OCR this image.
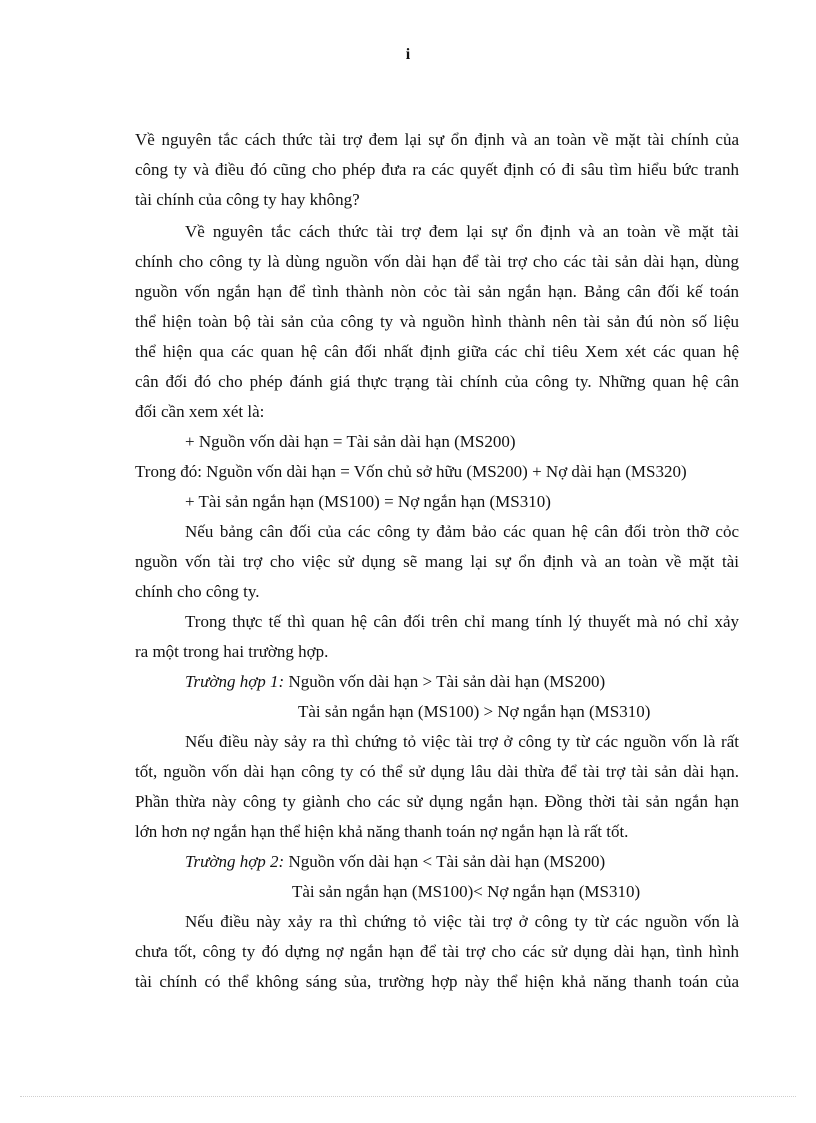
i
Về nguyên tắc cách thức tài trợ đem lại sự ổn định và an toàn về mặt tài chính của
công ty và điều đó cũng cho phép đưa ra các quyết định có đi sâu tìm hiểu bức tranh
tài chính của công ty hay không?
Về nguyên tắc cách thức tài trợ đem lại sự ổn định và an toàn về mặt tài
chính cho công ty là dùng nguồn vốn dài hạn để tài trợ cho các tài sản dài hạn, dùng
nguồn vốn ngắn hạn để tình thành nòn cỏc tài sản ngắn hạn. Bảng cân đối kế toán
thể hiện toàn bộ tài sản của công ty và nguồn hình thành nên tài sản đú nòn số liệu
thể hiện qua các quan hệ cân đối nhất định giữa các chỉ tiêu Xem xét các quan hệ
cân đối đó cho phép đánh giá thực trạng tài chính của công ty. Những quan hệ cân
đối cần xem xét là:
+ Nguồn vốn dài hạn = Tài sản dài hạn (MS200)
Trong đó: Nguồn vốn dài hạn = Vốn chủ sở hữu (MS200) + Nợ dài hạn (MS320)
+ Tài sản ngắn hạn (MS100) = Nợ ngắn hạn (MS310)
Nếu bảng cân đối của các công ty đảm bảo các quan hệ cân đối tròn thỡ cỏc
nguồn vốn tài trợ cho việc sử dụng sẽ mang lại sự ổn định và an toàn về mặt tài
chính cho công ty.
Trong thực tế thì quan hệ cân đối trên chỉ mang tính lý thuyết mà nó chỉ xảy
ra một trong hai trường hợp.
Trường hợp 1: Nguồn vốn dài hạn > Tài sản dài hạn (MS200)
Tài sản ngắn hạn (MS100) > Nợ ngắn hạn (MS310)
Nếu điều này sảy ra thì chứng tỏ việc tài trợ ở công ty từ các nguồn vốn là rất
tốt, nguồn vốn dài hạn công ty có thể sử dụng lâu dài thừa để tài trợ tài sản dài hạn.
Phần thừa này công ty giành cho các sử dụng ngắn hạn. Đồng thời tài sản ngắn hạn
lớn hơn nợ ngắn hạn thể hiện khả năng thanh toán nợ ngắn hạn là rất tốt.
Trường hợp 2: Nguồn vốn dài hạn < Tài sản dài hạn (MS200)
Tài sản ngắn hạn (MS100)< Nợ ngắn hạn (MS310)
Nếu điều này xảy ra thì chứng tỏ việc tài trợ ở công ty từ các nguồn vốn là
chưa tốt, công ty đó dựng nợ ngắn hạn để tài trợ cho các sử dụng dài hạn, tình hình
tài chính có thể không sáng sủa, trường hợp này thể hiện khả năng thanh toán của
